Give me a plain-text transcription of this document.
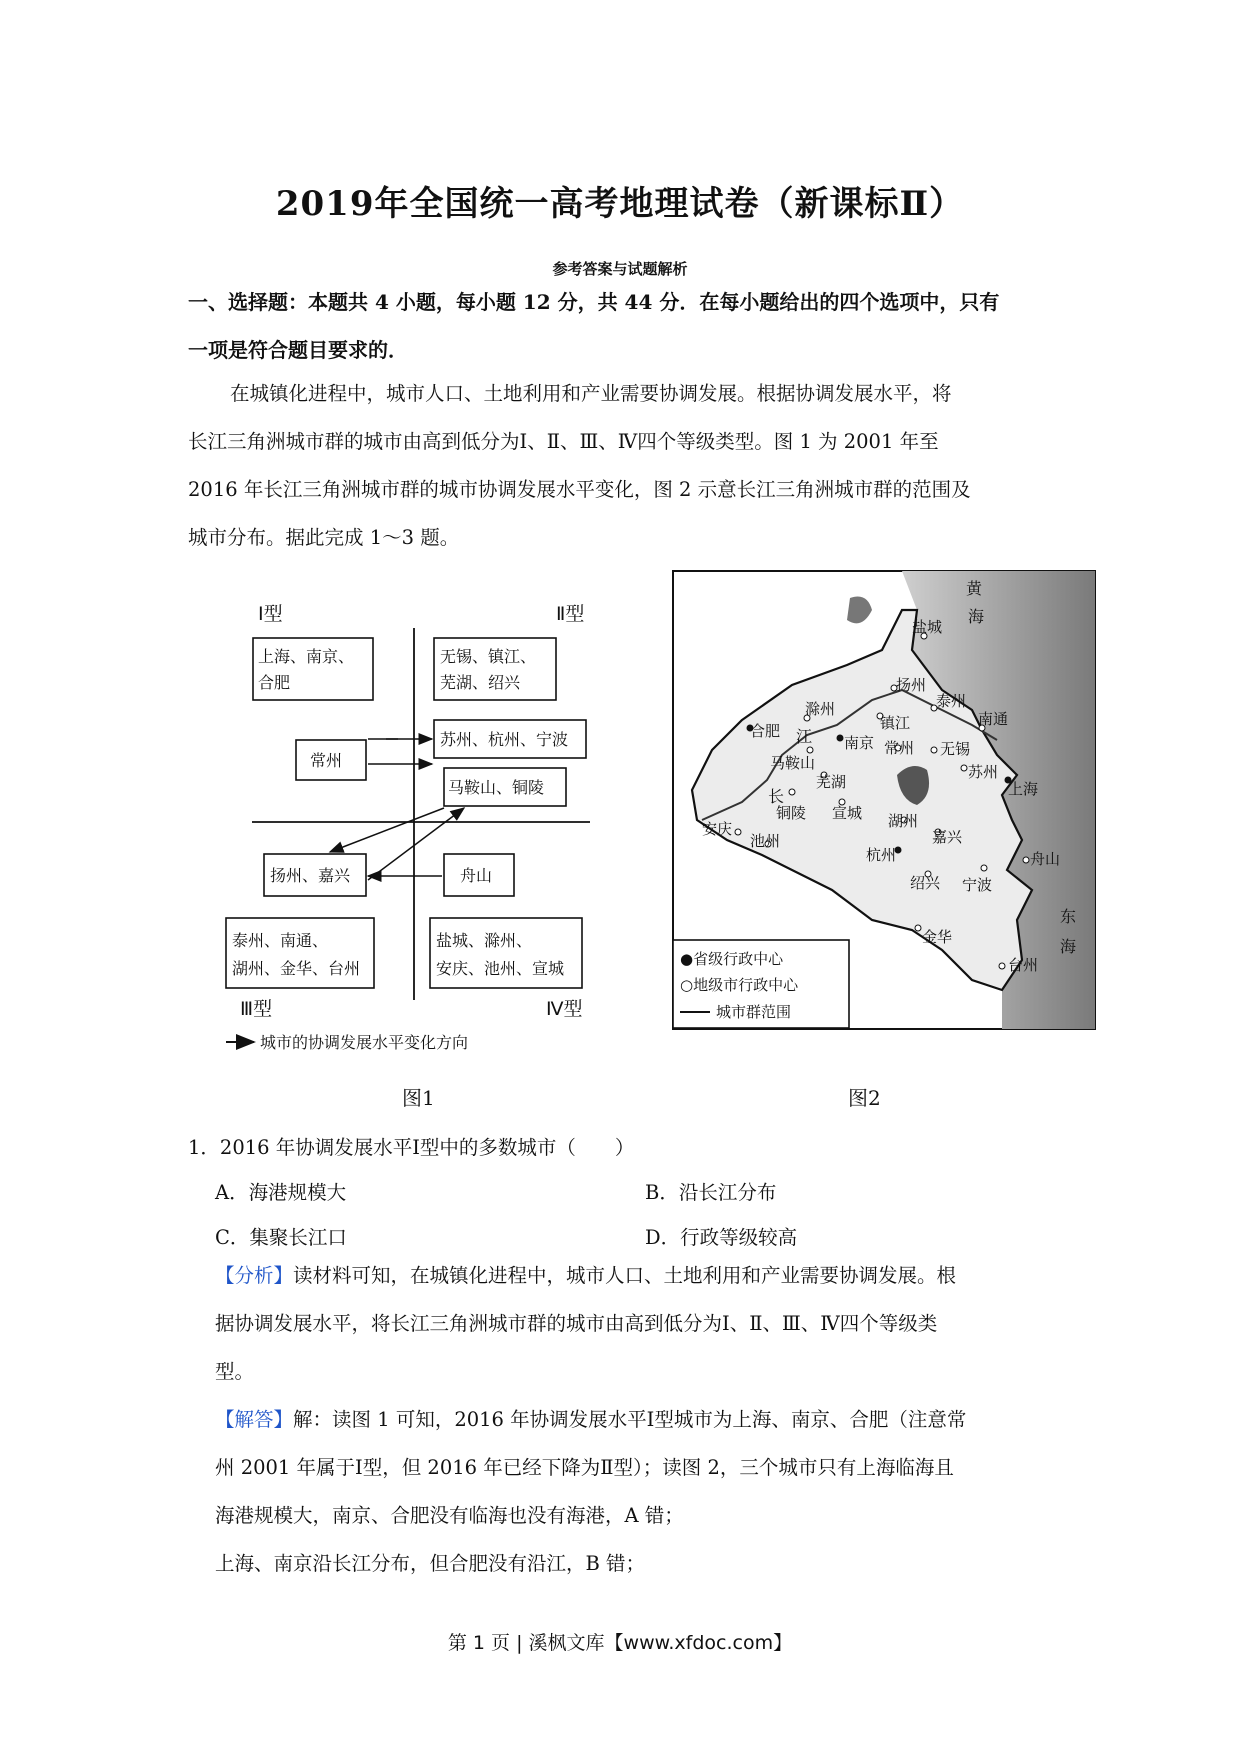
2019年全国统一高考地理试卷（新课标Ⅱ）
参考答案与试题解析
一、选择题：本题共 4 小题，每小题 12 分，共 44 分．在每小题给出的四个选项中，只有
一项是符合题目要求的．
在城镇化进程中，城市人口、土地利用和产业需要协调发展。根据协调发展水平，将
长江三角洲城市群的城市由高到低分为Ⅰ、Ⅱ、Ⅲ、Ⅳ四个等级类型。图 1 为 2001 年至
2016 年长江三角洲城市群的城市协调发展水平变化，图 2 示意长江三角洲城市群的范围及
城市分布。据此完成 1～3 题。
Ⅰ型	Ⅱ型
Ⅲ型	Ⅳ型
上海、南京、
合肥
无锡、镇江、
芜湖、绍兴
苏州、杭州、宁波
常州
马鞍山、铜陵
扬州、嘉兴	舟山
泰州、南通、
湖州、金华、台州
盐城、滁州、
安庆、池州、宣城
城市的协调发展水平变化方向
图1
黄
海
东
海
盐城
扬州
泰州
南通
滁州
合肥	镇江
南京 常州 无锡
苏州
上海
马鞍山
芜湖
铜陵 宣城 湖州
嘉兴
安庆
池州
杭州
绍兴 宁波
舟山
金华
台州
长
江
●省级行政中心
○地级市行政中心
城市群范围
图2
1．2016 年协调发展水平Ⅰ型中的多数城市（　　）
A．海港规模大	B．沿长江分布
C．集聚长江口	D．行政等级较高
【分析】读材料可知，在城镇化进程中，城市人口、土地利用和产业需要协调发展。根
据协调发展水平，将长江三角洲城市群的城市由高到低分为Ⅰ、Ⅱ、Ⅲ、Ⅳ四个等级类
型。
【解答】解：读图 1 可知，2016 年协调发展水平Ⅰ型城市为上海、南京、合肥（注意常
州 2001 年属于Ⅰ型，但 2016 年已经下降为Ⅱ型）；读图 2，三个城市只有上海临海且
海港规模大，南京、合肥没有临海也没有海港，A 错；
上海、南京沿长江分布，但合肥没有沿江，B 错；
第 1 页 | 溪枫文库【www.xfdoc.com】
